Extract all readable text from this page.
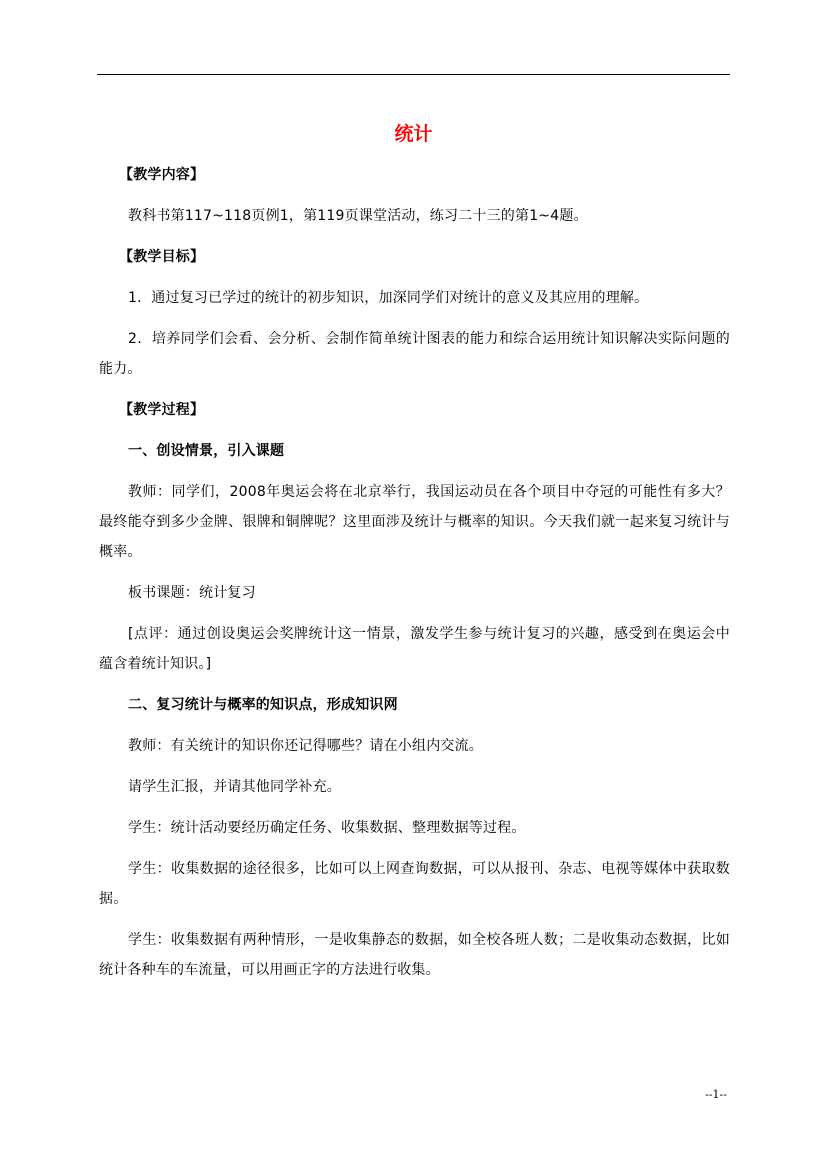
统计

【教学内容】

教科书第117~118页例1，第119页课堂活动，练习二十三的第1~4题。

【教学目标】

1．通过复习已学过的统计的初步知识，加深同学们对统计的意义及其应用的理解。

2．培养同学们会看、会分析、会制作简单统计图表的能力和综合运用统计知识解决实际问题的能力。

【教学过程】

一、创设情景，引入课题

教师：同学们，2008年奥运会将在北京举行，我国运动员在各个项目中夺冠的可能性有多大？最终能夺到多少金牌、银牌和铜牌呢？这里面涉及统计与概率的知识。今天我们就一起来复习统计与概率。

板书课题：统计复习

[点评：通过创设奥运会奖牌统计这一情景，激发学生参与统计复习的兴趣，感受到在奥运会中蕴含着统计知识。]

二、复习统计与概率的知识点，形成知识网

教师：有关统计的知识你还记得哪些？请在小组内交流。

请学生汇报，并请其他同学补充。

学生：统计活动要经历确定任务、收集数据、整理数据等过程。

学生：收集数据的途径很多，比如可以上网查询数据，可以从报刊、杂志、电视等媒体中获取数据。

学生：收集数据有两种情形，一是收集静态的数据，如全校各班人数；二是收集动态数据，比如统计各种车的车流量，可以用画正字的方法进行收集。

--1--
